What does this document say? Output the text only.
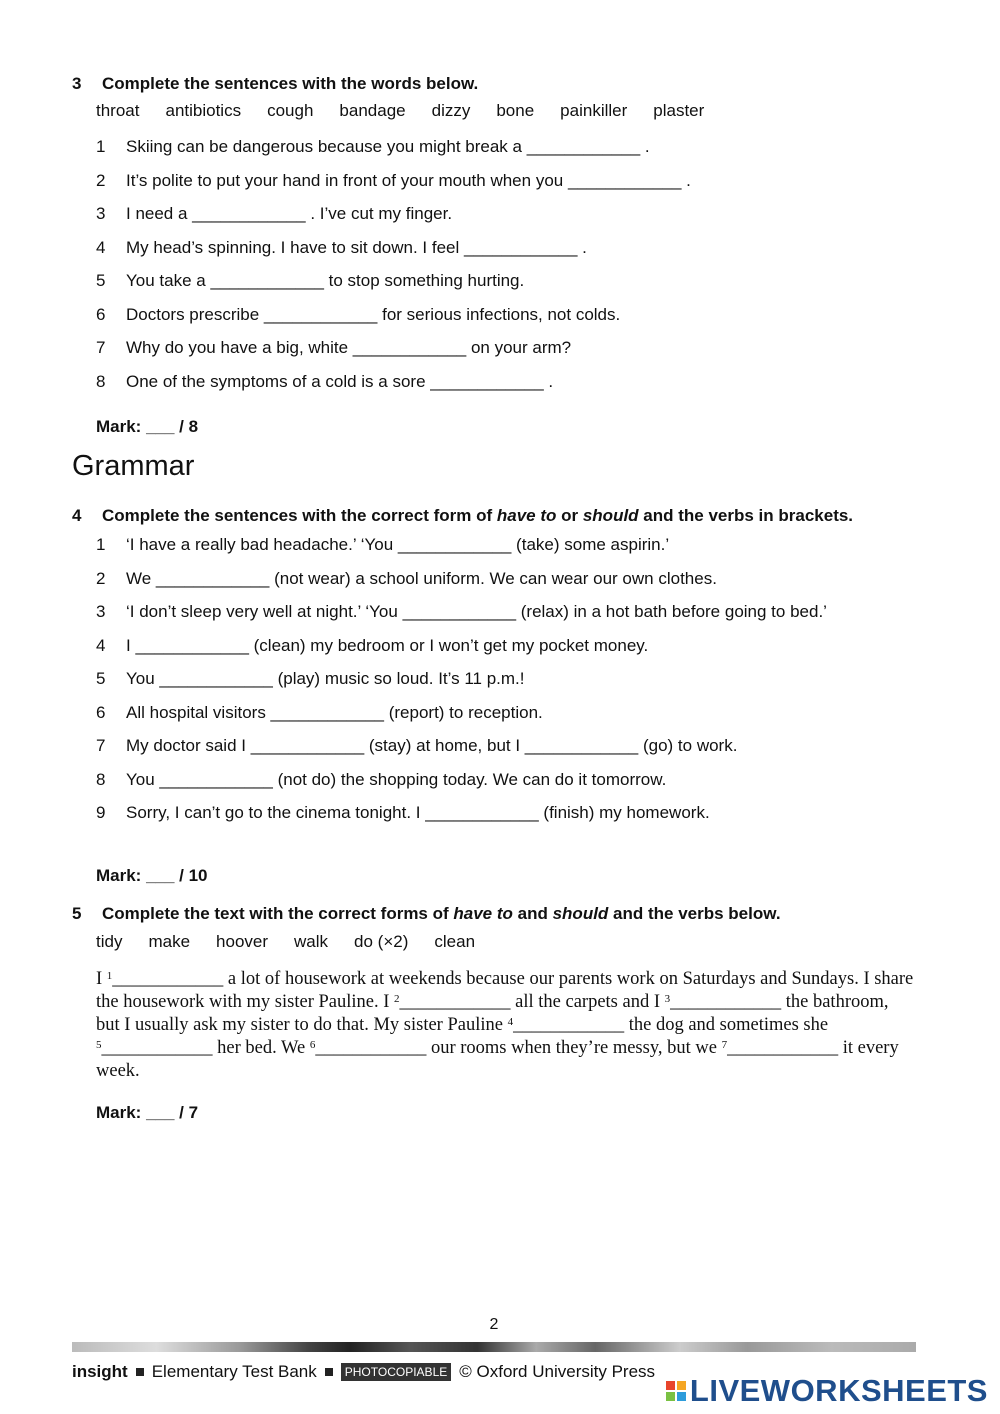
3	Complete the sentences with the words below.
throat antibiotics cough bandage dizzy bone painkiller plaster
1	Skiing can be dangerous because you might break a ____________ .
2	It’s polite to put your hand in front of your mouth when you ____________ .
3	I need a ____________ . I’ve cut my finger.
4	My head’s spinning. I have to sit down. I feel ____________ .
5	You take a ____________ to stop something hurting.
6	Doctors prescribe ____________ for serious infections, not colds.
7	Why do you have a big, white ____________ on your arm?
8	One of the symptoms of a cold is a sore ____________ .
Mark: ___ / 8
Grammar
4	Complete the sentences with the correct form of have to or should and the verbs in brackets.
1	‘I have a really bad headache.’ ‘You ____________ (take) some aspirin.’
2	We ____________ (not wear) a school uniform. We can wear our own clothes.
3	‘I don’t sleep very well at night.’ ‘You ____________ (relax) in a hot bath before going to bed.’
4	I ____________ (clean) my bedroom or I won’t get my pocket money.
5	You ____________ (play) music so loud. It’s 11 p.m.!
6	All hospital visitors ____________ (report) to reception.
7	My doctor said I ____________ (stay) at home, but I ____________ (go) to work.
8	You ____________ (not do) the shopping today. We can do it tomorrow.
9	Sorry, I can’t go to the cinema tonight. I ____________ (finish) my homework.
Mark: ___ / 10
5	Complete the text with the correct forms of have to and should and the verbs below.
tidy make hoover walk do (×2) clean
I $^1$____________ a lot of housework at weekends because our parents work on Saturdays and Sundays. I share the housework with my sister Pauline. I $^2$____________ all the carpets and I $^3$____________ the bathroom, but I usually ask my sister to do that. My sister Pauline $^4$____________ the dog and sometimes she $^5$____________ her bed. We $^6$____________ our rooms when they’re messy, but we $^7$____________ it every week.
Mark: ___ / 7
2
insight Elementary Test Bank	PHOTOCOPIABLE © Oxford University Press
LIVEWORKSHEETS
